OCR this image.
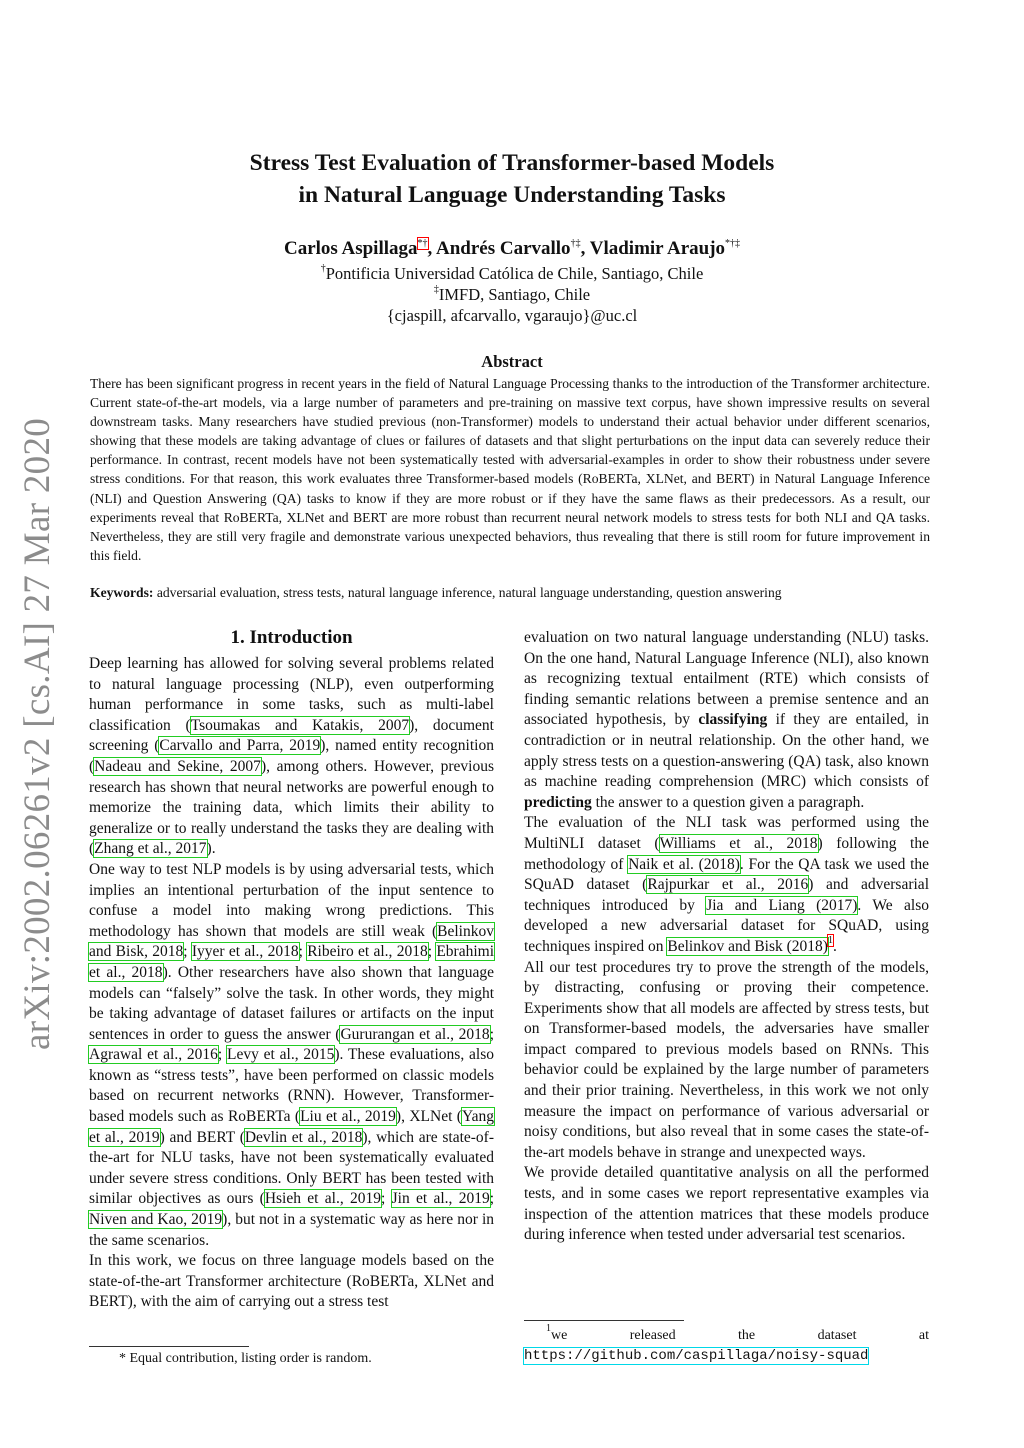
arXiv:2002.06261v2 [cs.AI] 27 Mar 2020
Stress Test Evaluation of Transformer-based Models
in Natural Language Understanding Tasks
Carlos Aspillaga*†, Andrés Carvallo†‡, Vladimir Araujo*†‡
†Pontificia Universidad Católica de Chile, Santiago, Chile
‡IMFD, Santiago, Chile
{cjaspill, afcarvallo, vgaraujo}@uc.cl
Abstract
There has been significant progress in recent years in the field of Natural Language Processing thanks to the introduction of the Transformer architecture. Current state-of-the-art models, via a large number of parameters and pre-training on massive text corpus, have shown impressive results on several downstream tasks. Many researchers have studied previous (non-Transformer) models to understand their actual behavior under different scenarios, showing that these models are taking advantage of clues or failures of datasets and that slight perturbations on the input data can severely reduce their performance. In contrast, recent models have not been systematically tested with adversarial-examples in order to show their robustness under severe stress conditions. For that reason, this work evaluates three Transformer-based models (RoBERTa, XLNet, and BERT) in Natural Language Inference (NLI) and Question Answering (QA) tasks to know if they are more robust or if they have the same flaws as their predecessors. As a result, our experiments reveal that RoBERTa, XLNet and BERT are more robust than recurrent neural network models to stress tests for both NLI and QA tasks. Nevertheless, they are still very fragile and demonstrate various unexpected behaviors, thus revealing that there is still room for future improvement in this field.
Keywords: adversarial evaluation, stress tests, natural language inference, natural language understanding, question answering
1. Introduction

Deep learning has allowed for solving several problems related to natural language processing (NLP), even outperforming human performance in some tasks, such as multi-label classification (Tsoumakas and Katakis, 2007), document screening (Carvallo and Parra, 2019), named entity recognition (Nadeau and Sekine, 2007), among others. However, previous research has shown that neural networks are powerful enough to memorize the training data, which limits their ability to generalize or to really understand the tasks they are dealing with (Zhang et al., 2017).

One way to test NLP models is by using adversarial tests, which implies an intentional perturbation of the input sentence to confuse a model into making wrong predictions. This methodology has shown that models are still weak (Belinkov and Bisk, 2018; Iyyer et al., 2018; Ribeiro et al., 2018; Ebrahimi et al., 2018). Other researchers have also shown that language models can “falsely” solve the task. In other words, they might be taking advantage of dataset failures or artifacts on the input sentences in order to guess the answer (Gururangan et al., 2018; Agrawal et al., 2016; Levy et al., 2015). These evaluations, also known as “stress tests”, have been performed on classic models based on recurrent networks (RNN). However, Transformer-based models such as RoBERTa (Liu et al., 2019), XLNet (Yang et al., 2019) and BERT (Devlin et al., 2018), which are state-of-the-art for NLU tasks, have not been systematically evaluated under severe stress conditions. Only BERT has been tested with similar objectives as ours (Hsieh et al., 2019; Jin et al., 2019; Niven and Kao, 2019), but not in a systematic way as here nor in the same scenarios.

In this work, we focus on three language models based on the state-of-the-art Transformer architecture (RoBERTa, XLNet and BERT), with the aim of carrying out a stress test

evaluation on two natural language understanding (NLU) tasks. On the one hand, Natural Language Inference (NLI), also known as recognizing textual entailment (RTE) which consists of finding semantic relations between a premise sentence and an associated hypothesis, by classifying if they are entailed, in contradiction or in neutral relationship. On the other hand, we apply stress tests on a question-answering (QA) task, also known as machine reading comprehension (MRC) which consists of predicting the answer to a question given a paragraph.

The evaluation of the NLI task was performed using the MultiNLI dataset (Williams et al., 2018) following the methodology of Naik et al. (2018). For the QA task we used the SQuAD dataset (Rajpurkar et al., 2016) and adversarial techniques introduced by Jia and Liang (2017). We also developed a new adversarial dataset for SQuAD, using techniques inspired on Belinkov and Bisk (2018)$^1$.

All our test procedures try to prove the strength of the models, by distracting, confusing or proving their competence. Experiments show that all models are affected by stress tests, but on Transformer-based models, the adversaries have smaller impact compared to previous models based on RNNs. This behavior could be explained by the large number of parameters and their prior training. Nevertheless, in this work we not only measure the impact on performance of various adversarial or noisy conditions, but also reveal that in some cases the state-of-the-art models behave in strange and unexpected ways.

We provide detailed quantitative analysis on all the performed tests, and in some cases we report representative examples via inspection of the attention matrices that these models produce during inference when tested under adversarial test scenarios.

* Equal contribution, listing order is random.
$^1$we released the dataset at https://github.com/caspillaga/noisy-squad
